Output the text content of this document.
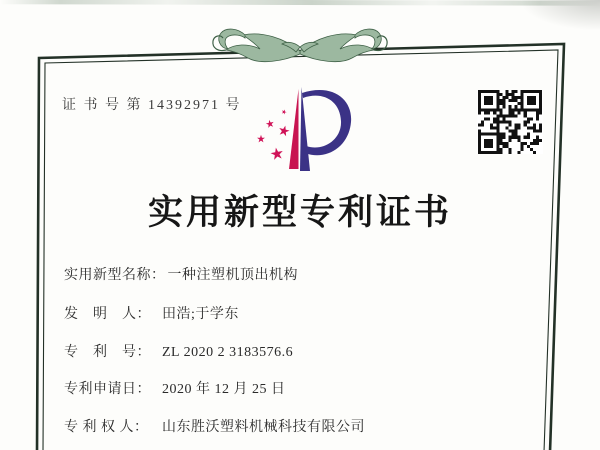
证 书 号 第 14392971 号
实用新型专利证书
实用新型名称： 一种注塑机顶出机构
发　明　人： 田浩;于学东
专　利　号： ZL 2020 2 3183576.6
专利申请日： 2020 年 12 月 25 日
专 利 权 人： 山东胜沃塑料机械科技有限公司
